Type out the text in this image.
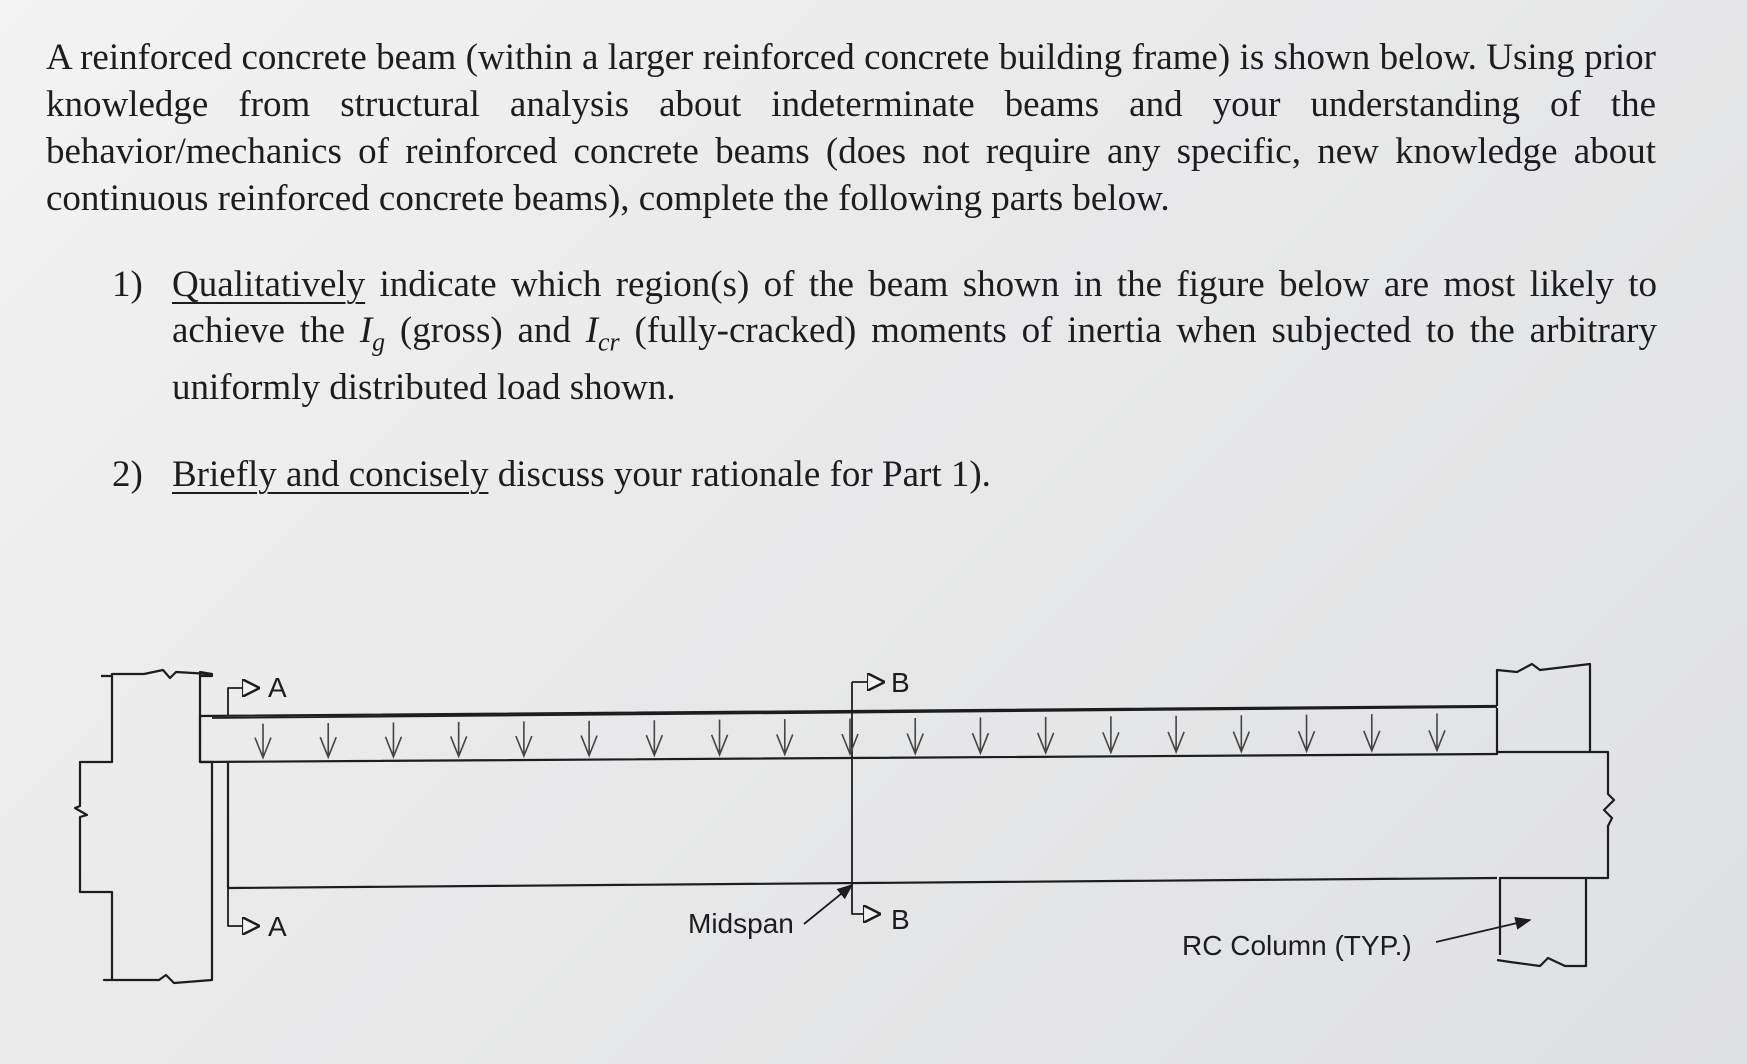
A reinforced concrete beam (within a larger reinforced concrete building frame) is shown below. Using prior knowledge from structural analysis about indeterminate beams and your understanding of the behavior/mechanics of reinforced concrete beams (does not require any specific, new knowledge about continuous reinforced concrete beams), complete the following parts below.

1) Qualitatively indicate which region(s) of the beam shown in the figure below are most likely to achieve the $I_g$ (gross) and $I_{cr}$ (fully-cracked) moments of inertia when subjected to the arbitrary uniformly distributed load shown.

2) Briefly and concisely discuss your rationale for Part 1).

A
A
B
B
Midspan
RC Column (TYP.)
